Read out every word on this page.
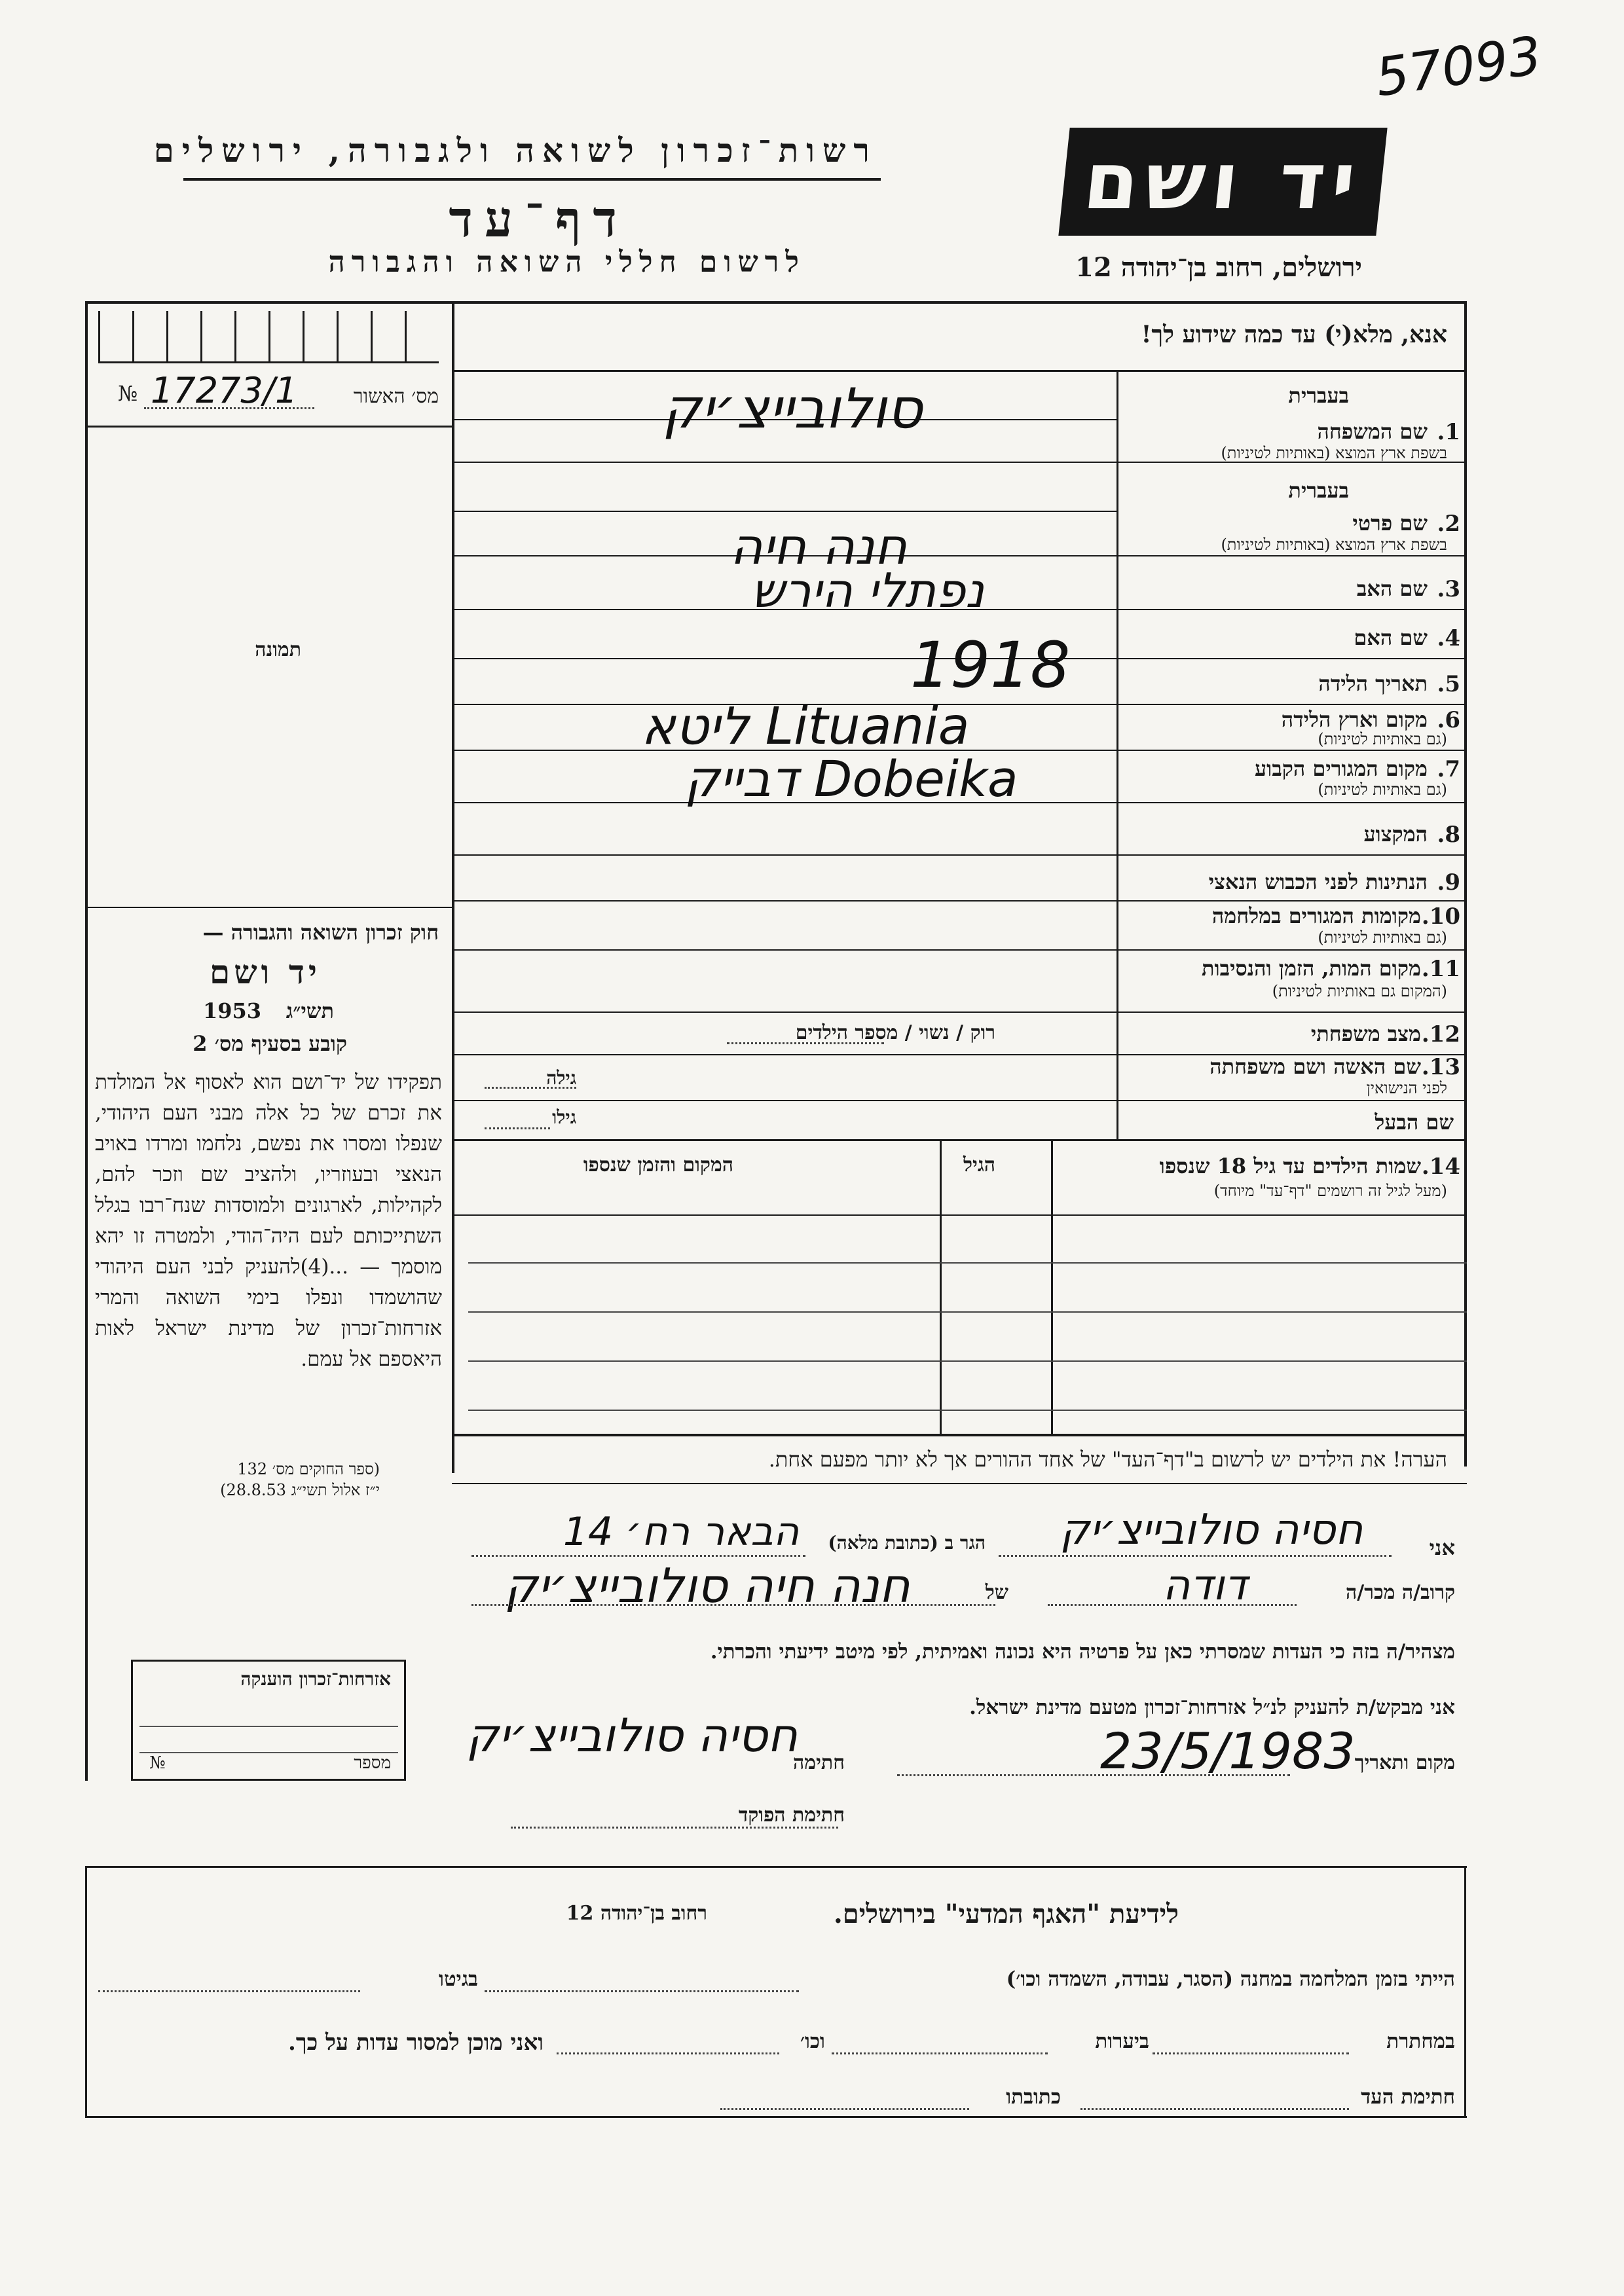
57093
יד ושם
רשות־זכרון לשואה ולגבורה, ירושלים
דף־עד
לרשום חללי השואה והגבורה	ירושלים, רחוב בן־יהודה 12
מס׳ האשור
№ 17273/1
תמונה
אנא, מלא(י) עד כמה שידוע לך!
בעברית
1.
שם המשפחה
בשפת ארץ המוצא (באותיות לטיניות)
סולובייצ׳יק
בעברית
2.
שם פרטי
בשפת ארץ המוצא (באותיות לטיניות)
חנה חיה
3.
שם האב
נפתלי הירש
4.
שם האם
5.
תאריך הלידה
1918
6.
מקום וארץ הלידה
(גם באותיות לטיניות)
ליטא Lituania
7.
מקום המגורים הקבוע
(גם באותיות לטיניות)
דבייק Dobeika
8.
המקצוע
9.
הנתינות לפני הכבוש הנאצי
10.
מקומות המגורים במלחמה
(גם באותיות לטיניות)
11.
מקום המות, הזמן והנסיבות
(המקום גם באותיות לטיניות)
12.
מצב משפחתי
רוק / נשוי / מספר הילדים
13.
שם האשה ושם משפחתה
לפני הנישואין
גילה
שם הבעל
גילו
14.
שמות הילדים עד גיל 18 שנספו
(מעל לגיל זה רושמים "דף־עד" מיוחד)
הגיל
המקום והזמן שנספו
הערה! את הילדים יש לרשום ב"דף־העד" של אחד ההורים אך לא יותר מפעם אחת.
חוק זכרון השואה והגבורה —
יד ושם
תשי״ג
1953
קובע בסעיף מס׳ 2
תפקידו של יד־ושם הוא לאסוף אל המולדת את זכרם של כל אלה מבני העם היהודי, שנפלו ומסרו את נפשם, נלחמו ומרדו באויב הנאצי ובעוזריו, ולהציב שם וזכר להם, לקהילות, לארגונים ולמוסדות שנח־רבו בגלל השתייכותם לעם היה־הודי, ולמטרה זו יהא מוסמך — ...(4)להעניק לבני העם היהודי שהושמדו ונפלו בימי השואה והמרי אזרחות־זכרון של מדינת ישראל לאות היאספם אל עמם.
(ספר החוקים מס׳ 132
י״ז אלול תשי״ג 28.8.53)
אני
חסיה סולובייצ׳יק
הגר ב (כתובת מלאה)
הבאר רח׳ 14
קרוב/ה מכר/ה
דודה
של
חנה חיה סולובייצ׳יק
מצהיר/ה בזה כי העדות שמסרתי כאן על פרטיה היא נכונה ואמיתית, לפי מיטב ידיעתי והכרתי.
אני מבקש/ת להעניק לנ״ל אזרחות־זכרון מטעם מדינת ישראל.
מקום ותאריך
23/5/1983
חתימה
חסיה סולובייצ׳יק
חתימת הפוקד
אזרחות־זכרון הוענקה
מספר
№
לידיעת "האגף המדעי" בירושלים.
רחוב בן־יהודה 12
הייתי בזמן המלחמה במחנה (הסגר, עבודה, השמדה וכו׳)
בגיטו
במחתרת
ביערות
וכו׳
ואני מוכן למסור עדות על כך.
חתימת העד
כתובתו
